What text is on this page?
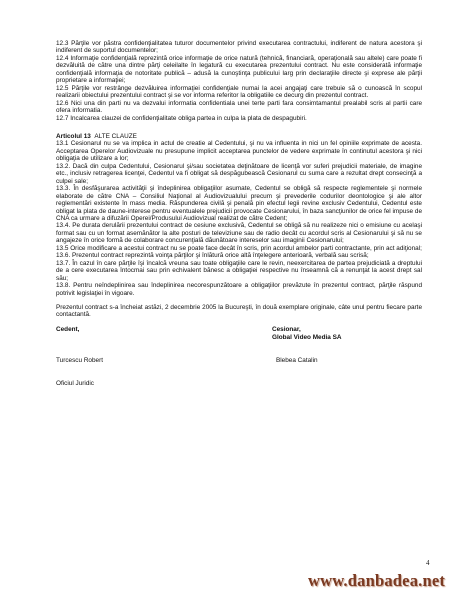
12.3 Părţile vor păstra confidenţialitatea tuturor documentelor privind executarea contractului, indiferent de natura acestora şi indiferent de suportul documentelor;

12.4 Informaţie confidenţială reprezintă orice informaţie de orice natură (tehnică, financiară, operaţională sau altele) care poate fi dezvăluită de către una dintre părţi celeilalte în legatură cu executarea prezentului contract. Nu este considerată informaţie confidenţială informaţia de notoritate publică – adusă la cunoştinţa publicului larg prin declaraţiile directe şi exprese ale părţii proprietare a informaţiei;

12.5 Părţile vor restrânge dezvăluirea informaţiei confidenţiale numai la acei angajaţi care trebuie să o cunoască în scopul realizarii obiectului prezentului contract şi se vor informa referitor la obligatiile ce decurg din prezentul contract.

12.6 Nici una din parti nu va dezvalui informatia confidentiala unei terte parti fara consimtamantul prealabil scris al partii care ofera informatia.

12.7 Incalcarea clauzei de confidenţialitate obliga partea in culpa la plata de despagubiri.

Articolul 13 ALTE CLAUZE

13.1 Cesionarul nu se va implica in actul de creatie al Cedentului, şi nu va influenta in nici un fel opiniile exprimate de acesta. Acceptarea Operelor Audiovizuale nu presupune implicit acceptarea punctelor de vedere exprimate în continutul acestora şi nici obligaţia de utilizare a lor;

13.2. Dacă din culpa Cedentului, Cesionarul şi/sau societatea deţinătoare de licenţă vor suferi prejudicii materiale, de imagine etc., inclusiv retragerea licenţei, Cedentul va fi obligat să despăgubească Cesionarul cu suma care a rezultat drept consecinţă a culpei sale;

13.3. În desfăşurarea activităţii şi îndeplinirea obligaţiilor asumate, Cedentul se obligă să respecte reglementele şi normele elaborate de către CNA – Consiliul Naţional al Audiovizualului precum şi prevederile codurilor deontologice şi ale altor reglementări existente în mass media. Răspunderea civilă şi penală pin efectul legii revine exclusiv Cedentului, Cedentul este obligat la plata de daune-interese pentru eventualele prejudicii provocate Cesionarului, în baza sancţiunilor de orice fel impuse de CNA ca urmare a difuzării Operei/Produsului Audiovizual realizat de către Cedent;

13.4. Pe durata derulării prezentului contract de cesiune exclusivă, Cedentul se obligă să nu realizeze nici o emisiune cu acelaşi format sau cu un format asemănător la alte posturi de televiziune sau de radio decât cu acordul scris al Cesionarului şi să nu se angajeze în orice formă de colaborare concurenţială dăunătoare intereselor sau imaginii Cesionarului;

13.5 Orice modificare a acestui contract nu se poate face decât în scris, prin acordul ambelor parti contractante, prin act adiţional;

13.6. Prezentul contract reprezintă voinţa părţilor şi înlătură orice altă înţelegere anterioară, verbală sau scrisă;

13.7. În cazul în care părţile îşi încalcă vreuna sau toate obligaţiile care le revin, neexercitarea de partea prejudiciată a dreptului de a cere executarea întocmai sau prin echivalent bănesc a obligaţiei respective nu înseamnă că a renunţat la acest drept sal său;

13.8. Pentru neîndeplinirea sau îndeplinirea necorespunzătoare a obligaţiilor prevăzute în prezentul contract, părţile răspund potrivit legislaţiei în vigoare.

Prezentul contract s-a încheiat astăzi, 2 decembrie 2005 la Bucureşti, în două exemplare originale, câte unul pentru fiecare parte contactantă.

Cedent,	Cesionar,
Global Video Media SA
Turcescu Robert	Blebea Catalin

Oficiul Juridic

4
www.danbadea.net
